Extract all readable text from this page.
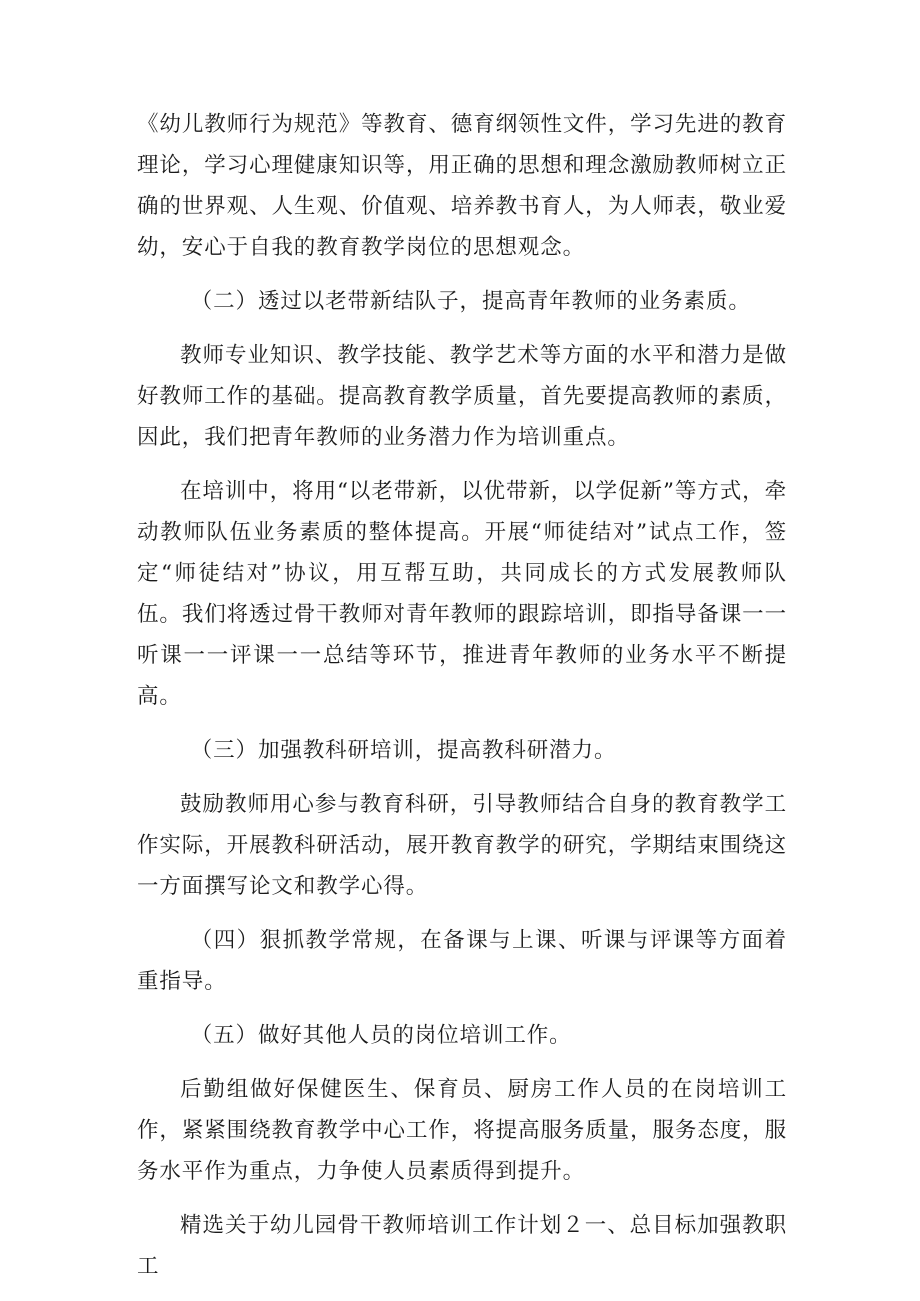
《幼儿教师行为规范》等教育、德育纲领性文件，学习先进的教育理论，学习心理健康知识等，用正确的思想和理念激励教师树立正确的世界观、人生观、价值观、培养教书育人，为人师表，敬业爱幼，安心于自我的教育教学岗位的思想观念。

（二）透过以老带新结队子，提高青年教师的业务素质。

教师专业知识、教学技能、教学艺术等方面的水平和潜力是做好教师工作的基础。提高教育教学质量，首先要提高教师的素质，因此，我们把青年教师的业务潜力作为培训重点。

在培训中，将用“以老带新，以优带新，以学促新”等方式，牵动教师队伍业务素质的整体提高。开展“师徒结对”试点工作，签定“师徒结对”协议，用互帮互助，共同成长的方式发展教师队伍。我们将透过骨干教师对青年教师的跟踪培训，即指导备课一一听课一一评课一一总结等环节，推进青年教师的业务水平不断提高。

（三）加强教科研培训，提高教科研潜力。

鼓励教师用心参与教育科研，引导教师结合自身的教育教学工作实际，开展教科研活动，展开教育教学的研究，学期结束围绕这一方面撰写论文和教学心得。

（四）狠抓教学常规，在备课与上课、听课与评课等方面着重指导。

（五）做好其他人员的岗位培训工作。

后勤组做好保健医生、保育员、厨房工作人员的在岗培训工作，紧紧围绕教育教学中心工作，将提高服务质量，服务态度，服务水平作为重点，力争使人员素质得到提升。

精选关于幼儿园骨干教师培训工作计划２一、总目标加强教职工
